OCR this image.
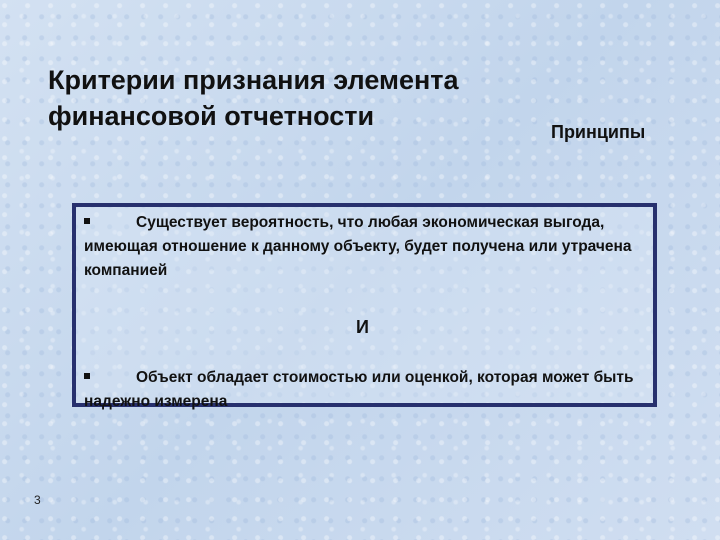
Критерии признания элемента финансовой отчетности
Принципы
Существует вероятность, что любая экономическая выгода, имеющая отношение к данному объекту, будет получена или утрачена компанией
И
Объект обладает стоимостью или оценкой, которая может быть надежно измерена
3
